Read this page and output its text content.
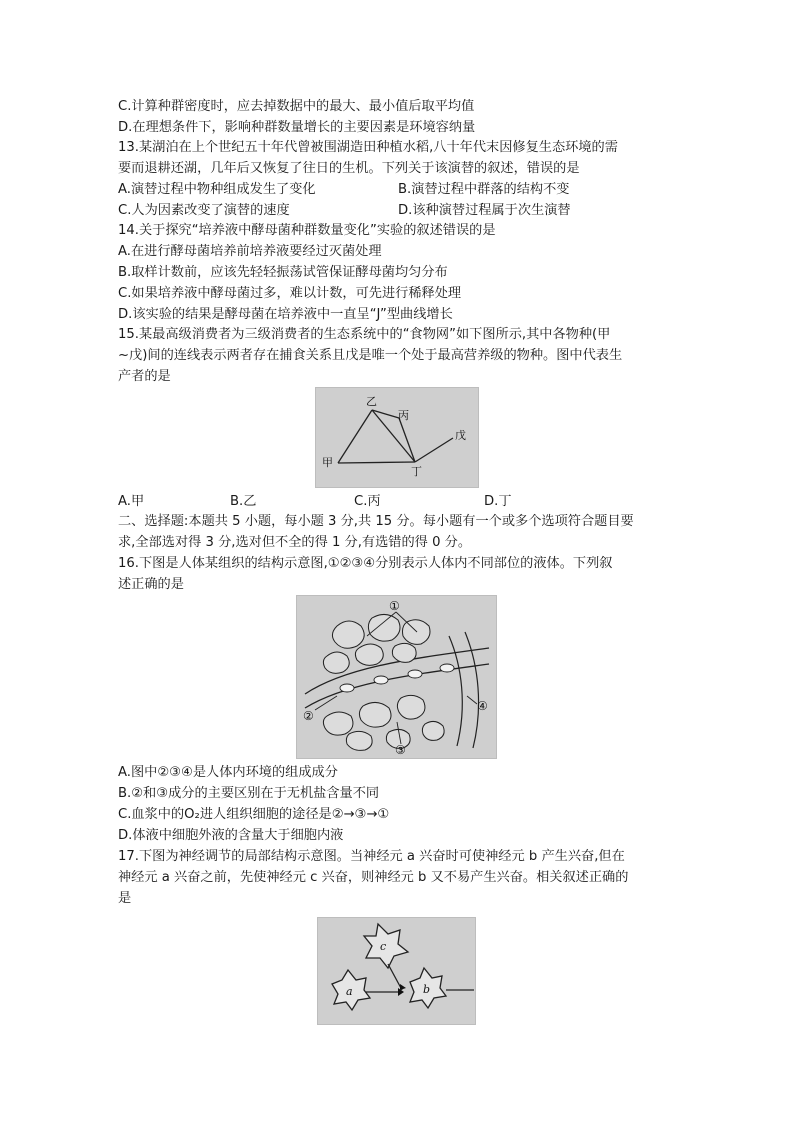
C.计算种群密度时，应去掉数据中的最大、最小值后取平均值
D.在理想条件下，影响种群数量增长的主要因素是环境容纳量
13.某湖泊在上个世纪五十年代曾被围湖造田种植水稻,八十年代末因修复生态环境的需
要而退耕还湖，几年后又恢复了往日的生机。下列关于该演替的叙述，错误的是
A.演替过程中物种组成发生了变化	B.演替过程中群落的结构不变
C.人为因素改变了演替的速度	D.该种演替过程属于次生演替
14.关于探究“培养液中酵母菌种群数量变化”实验的叙述错误的是
A.在进行酵母菌培养前培养液要经过灭菌处理
B.取样计数前，应该先轻轻振荡试管保证酵母菌均匀分布
C.如果培养液中酵母菌过多，难以计数，可先进行稀释处理
D.该实验的结果是酵母菌在培养液中一直呈“J”型曲线增长
15.某最高级消费者为三级消费者的生态系统中的“食物网”如下图所示,其中各物种(甲
~戊)间的连线表示两者存在捕食关系且戊是唯一个处于最高营养级的物种。图中代表生
产者的是
乙
丙
戊
甲
丁
A.甲	B.乙	C.丙	D.丁
二、选择题:本题共 5 小题，每小题 3 分,共 15 分。每小题有一个或多个选项符合题目要
求,全部选对得 3 分,选对但不全的得 1 分,有选错的得 0 分。
16.下图是人体某组织的结构示意图,①②③④分别表示人体内不同部位的液体。下列叙
述正确的是
①
②
③
④
A.图中②③④是人体内环境的组成成分
B.②和③成分的主要区别在于无机盐含量不同
C.血浆中的O₂进人组织细胞的途径是②→③→①
D.体液中细胞外液的含量大于细胞内液
17.下图为神经调节的局部结构示意图。当神经元 a 兴奋时可使神经元 b 产生兴奋,但在
神经元 a 兴奋之前，先使神经元 c 兴奋，则神经元 b 又不易产生兴奋。相关叙述正确的
是
c
a	b
